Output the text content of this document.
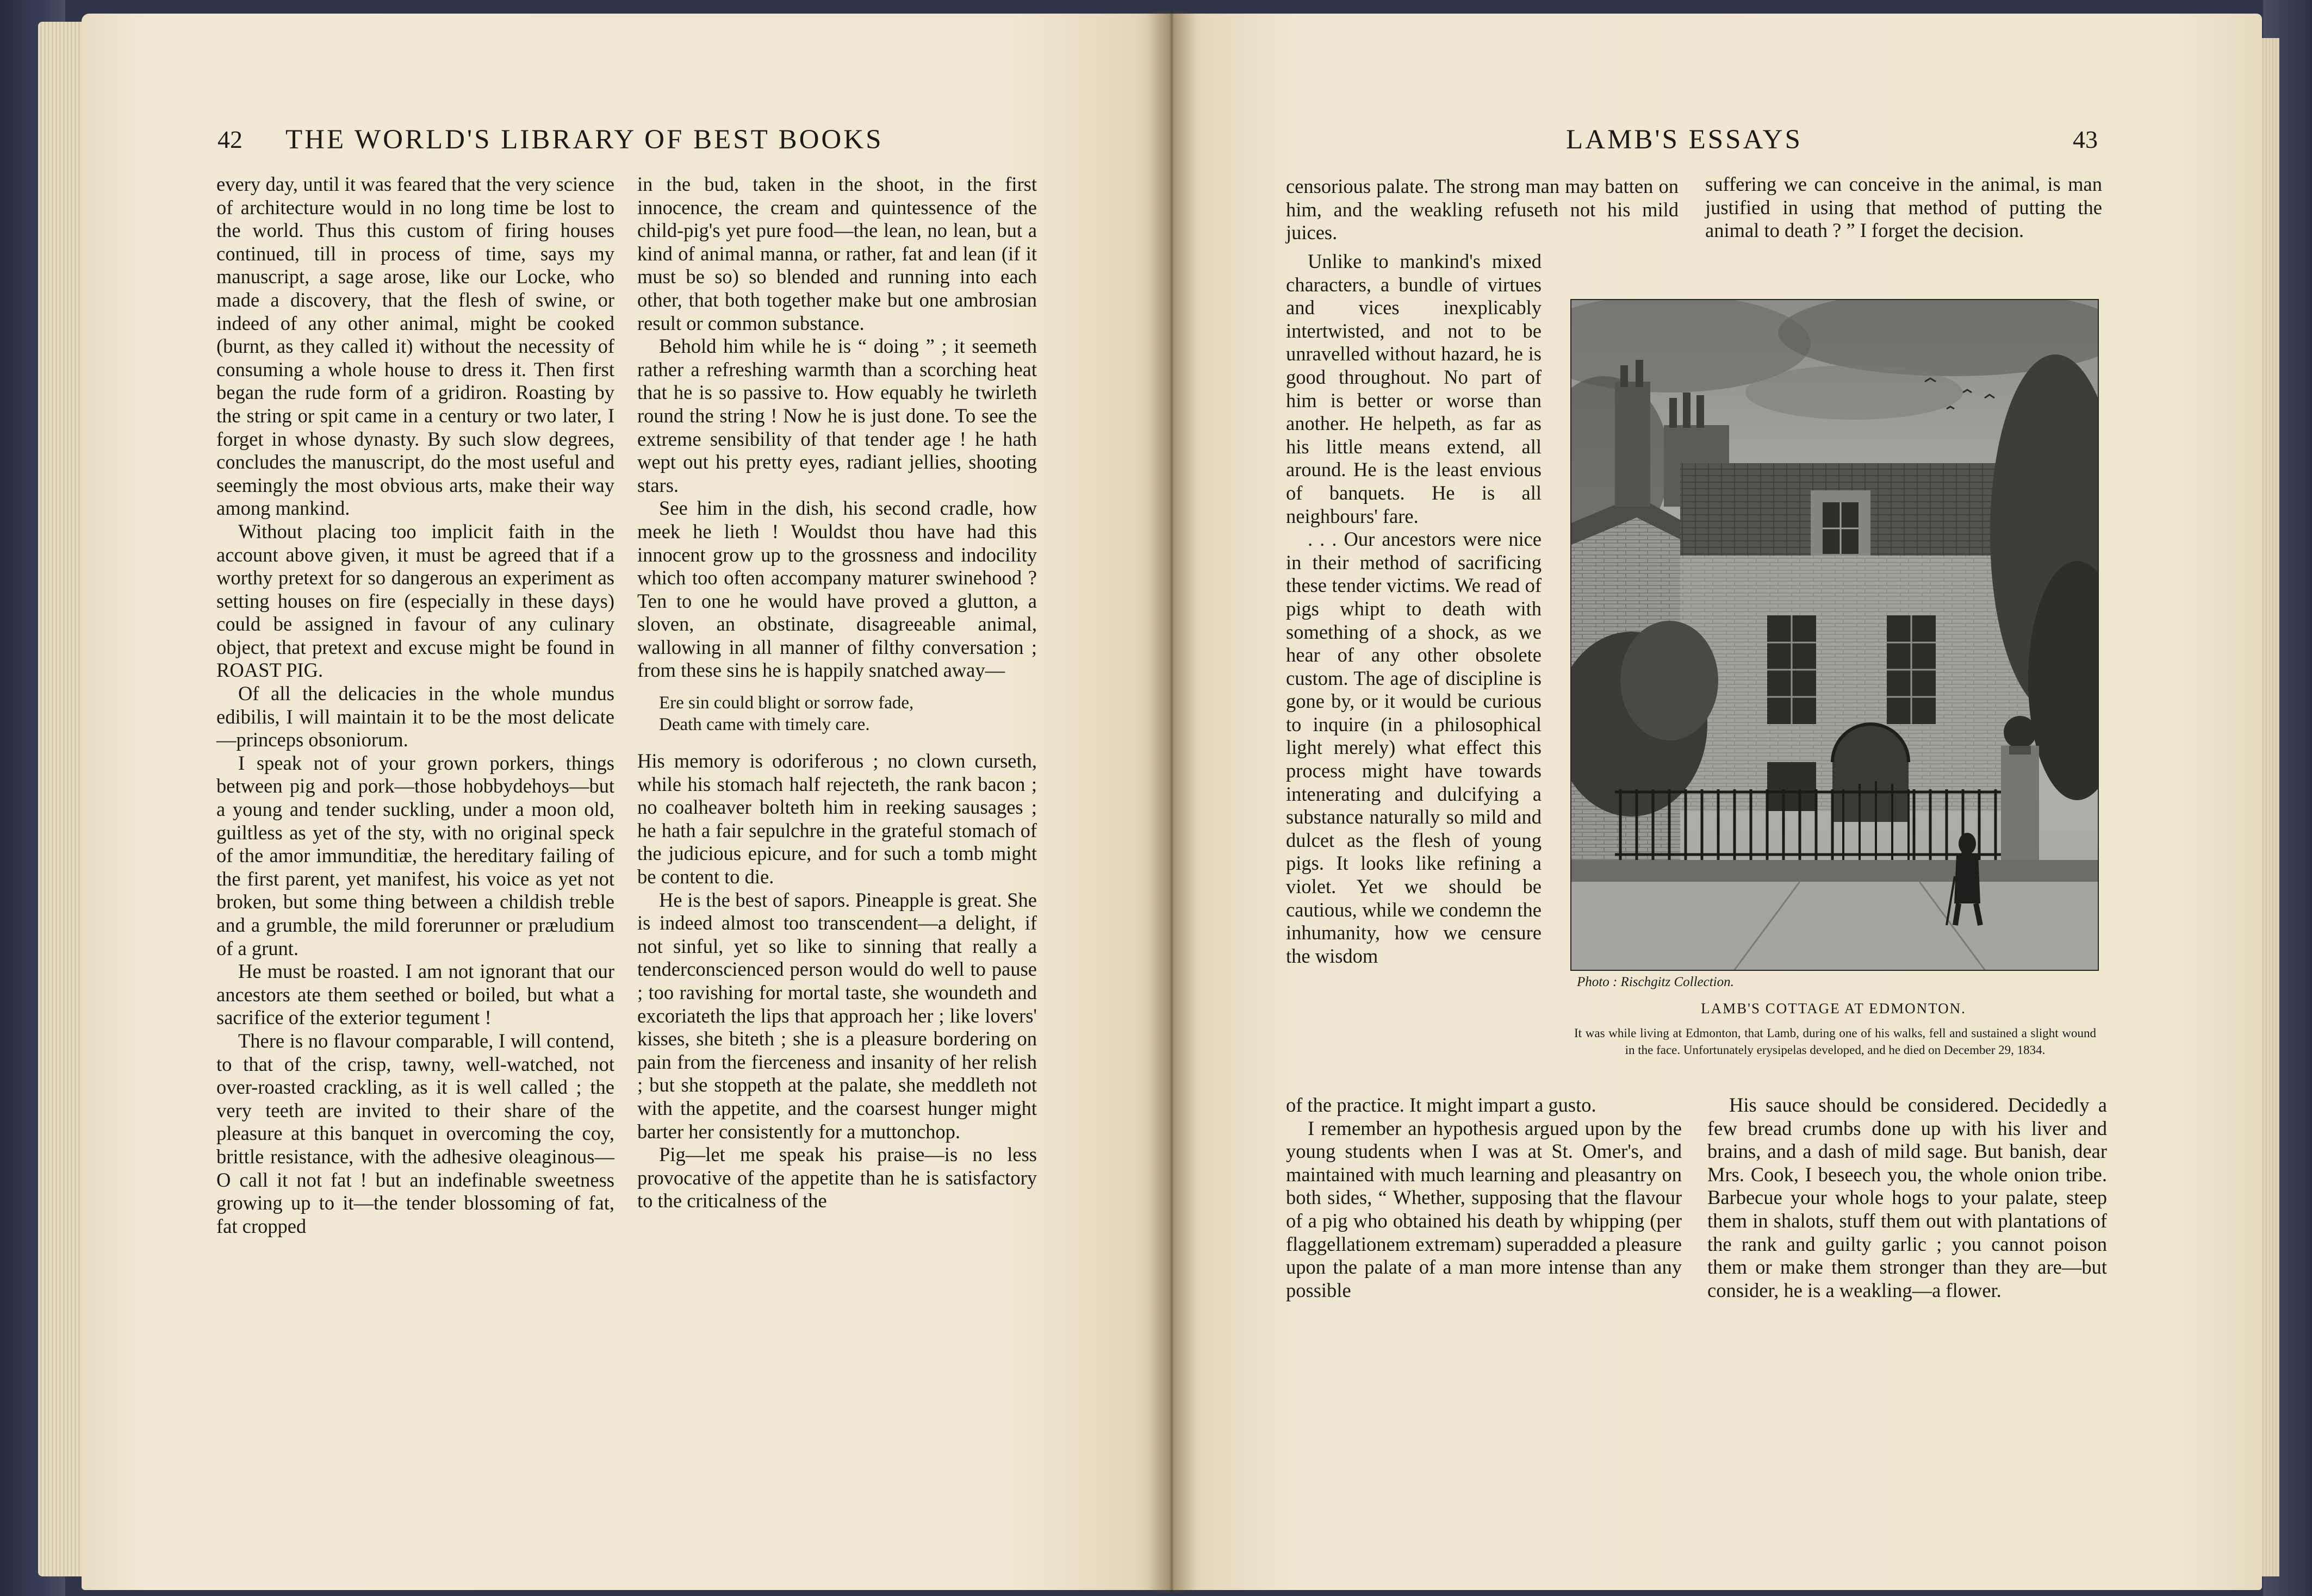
42 THE WORLD'S LIBRARY OF BEST BOOKS

every day, until it was feared that the very science of architecture would in no long time be lost to the world. Thus this custom of firing houses continued, till in process of time, says my manuscript, a sage arose, like our Locke, who made a discovery, that the flesh of swine, or indeed of any other animal, might be cooked (burnt, as they called it) without the necessity of consuming a whole house to dress it. Then first began the rude form of a gridiron. Roasting by the string or spit came in a century or two later, I forget in whose dynasty. By such slow degrees, concludes the manuscript, do the most useful and seemingly the most obvious arts, make their way among mankind.

Without placing too implicit faith in the account above given, it must be agreed that if a worthy pretext for so dangerous an experiment as setting houses on fire (especially in these days) could be assigned in favour of any culinary object, that pretext and excuse might be found in ROAST PIG.

Of all the delicacies in the whole mundus edibilis, I will maintain it to be the most delicate—princeps obsoniorum.

I speak not of your grown porkers, things between pig and pork—those hobbydehoys—but a young and tender suckling, under a moon old, guiltless as yet of the sty, with no original speck of the amor immunditiæ, the hereditary failing of the first parent, yet manifest, his voice as yet not broken, but some thing between a childish treble and a grumble, the mild forerunner or præludium of a grunt.

He must be roasted. I am not ignorant that our ancestors ate them seethed or boiled, but what a sacrifice of the exterior tegument !

There is no flavour comparable, I will contend, to that of the crisp, tawny, well-watched, not over-roasted crackling, as it is well called ; the very teeth are invited to their share of the pleasure at this banquet in overcoming the coy, brittle resistance, with the adhesive oleaginous—O call it not fat ! but an indefinable sweetness growing up to it—the tender blossoming of fat, fat cropped

in the bud, taken in the shoot, in the first innocence, the cream and quintessence of the child-pig's yet pure food—the lean, no lean, but a kind of animal manna, or rather, fat and lean (if it must be so) so blended and running into each other, that both together make but one ambrosian result or common substance.

Behold him while he is “ doing ” ; it seemeth rather a refreshing warmth than a scorching heat that he is so passive to. How equably he twirleth round the string ! Now he is just done. To see the extreme sensibility of that tender age ! he hath wept out his pretty eyes, radiant jellies, shooting stars.

See him in the dish, his second cradle, how meek he lieth ! Wouldst thou have had this innocent grow up to the grossness and indocility which too often accompany maturer swinehood ? Ten to one he would have proved a glutton, a sloven, an obstinate, disagreeable animal, wallowing in all manner of filthy conversation ; from these sins he is happily snatched away—

Ere sin could blight or sorrow fade,
Death came with timely care.

His memory is odoriferous ; no clown curseth, while his stomach half rejecteth, the rank bacon ; no coalheaver bolteth him in reeking sausages ; he hath a fair sepulchre in the grateful stomach of the judicious epicure, and for such a tomb might be content to die.

He is the best of sapors. Pineapple is great. She is indeed almost too transcendent—a delight, if not sinful, yet so like to sinning that really a tenderconscienced person would do well to pause ; too ravishing for mortal taste, she woundeth and excoriateth the lips that approach her ; like lovers' kisses, she biteth ; she is a pleasure bordering on pain from the fierceness and insanity of her relish ; but she stoppeth at the palate, she meddleth not with the appetite, and the coarsest hunger might barter her consistently for a muttonchop.

Pig—let me speak his praise—is no less provocative of the appetite than he is satisfactory to the criticalness of the

LAMB'S ESSAYS	43

censorious palate. The strong man may batten on him, and the weakling refuseth not his mild juices.

Unlike to mankind's mixed characters, a bundle of virtues and vices inexplicably intertwisted, and not to be unravelled without hazard, he is good throughout. No part of him is better or worse than another. He helpeth, as far as his little means extend, all around. He is the least envious of banquets. He is all neighbours' fare.

. . . Our ancestors were nice in their method of sacrificing these tender victims. We read of pigs whipt to death with something of a shock, as we hear of any other obsolete custom. The age of discipline is gone by, or it would be curious to inquire (in a philosophical light merely) what effect this process might have towards intenerating and dulcifying a substance naturally so mild and dulcet as the flesh of young pigs. It looks like refining a violet. Yet we should be cautious, while we condemn the inhumanity, how we censure the wisdom

of the practice. It might impart a gusto.

I remember an hypothesis argued upon by the young students when I was at St. Omer's, and maintained with much learning and pleasantry on both sides, “ Whether, supposing that the flavour of a pig who obtained his death by whipping (per flaggellationem extremam) superadded a pleasure upon the palate of a man more intense than any possible

suffering we can conceive in the animal, is man justified in using that method of putting the animal to death ? ” I forget the decision.

Photo : Rischgitz Collection.
LAMB'S COTTAGE AT EDMONTON.
It was while living at Edmonton, that Lamb, during one of his walks, fell and sustained a slight wound in the face. Unfortunately erysipelas developed, and he died on December 29, 1834.

His sauce should be considered. Decidedly a few bread crumbs done up with his liver and brains, and a dash of mild sage. But banish, dear Mrs. Cook, I beseech you, the whole onion tribe. Barbecue your whole hogs to your palate, steep them in shalots, stuff them out with plantations of the rank and guilty garlic ; you cannot poison them or make them stronger than they are—but consider, he is a weakling—a flower.
